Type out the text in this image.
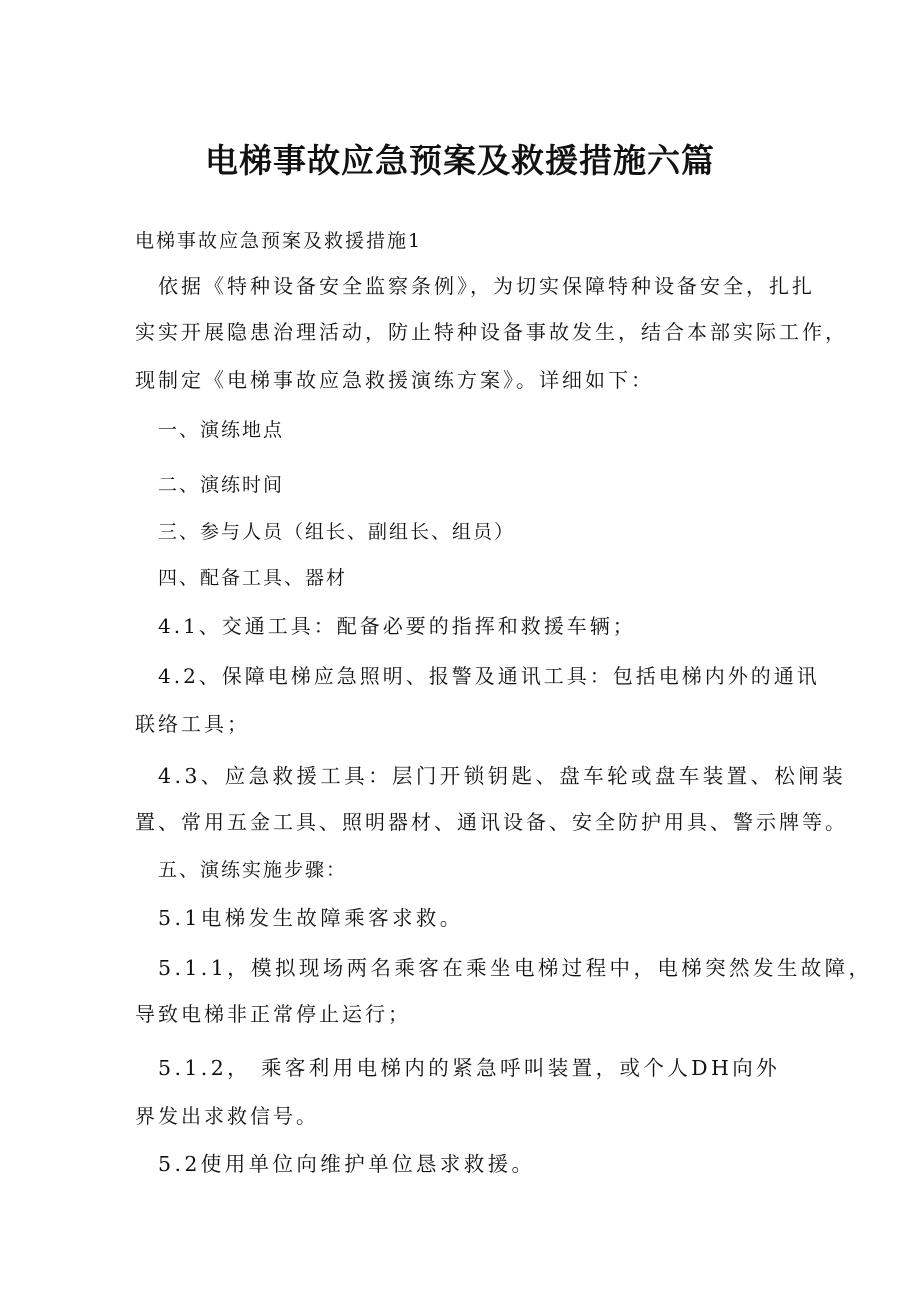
电梯事故应急预案及救援措施六篇
电梯事故应急预案及救援措施1
依据《特种设备安全监察条例》，为切实保障特种设备安全，扎扎
实实开展隐患治理活动，防止特种设备事故发生，结合本部实际工作，
现制定《电梯事故应急救援演练方案》。详细如下：
一、演练地点
二、演练时间
三、参与人员（组长、副组长、组员）
四、配备工具、器材
4.1、交通工具：配备必要的指挥和救援车辆；
4.2、保障电梯应急照明、报警及通讯工具：包括电梯内外的通讯
联络工具；
4.3、应急救援工具：层门开锁钥匙、盘车轮或盘车装置、松闸装
置、常用五金工具、照明器材、通讯设备、安全防护用具、警示牌等。
五、演练实施步骤：
5.1电梯发生故障乘客求救。
5.1.1，模拟现场两名乘客在乘坐电梯过程中，电梯突然发生故障，
导致电梯非正常停止运行；
5.1.2， 乘客利用电梯内的紧急呼叫装置，或个人DH向外
界发出求救信号。
5.2使用单位向维护单位恳求救援。
